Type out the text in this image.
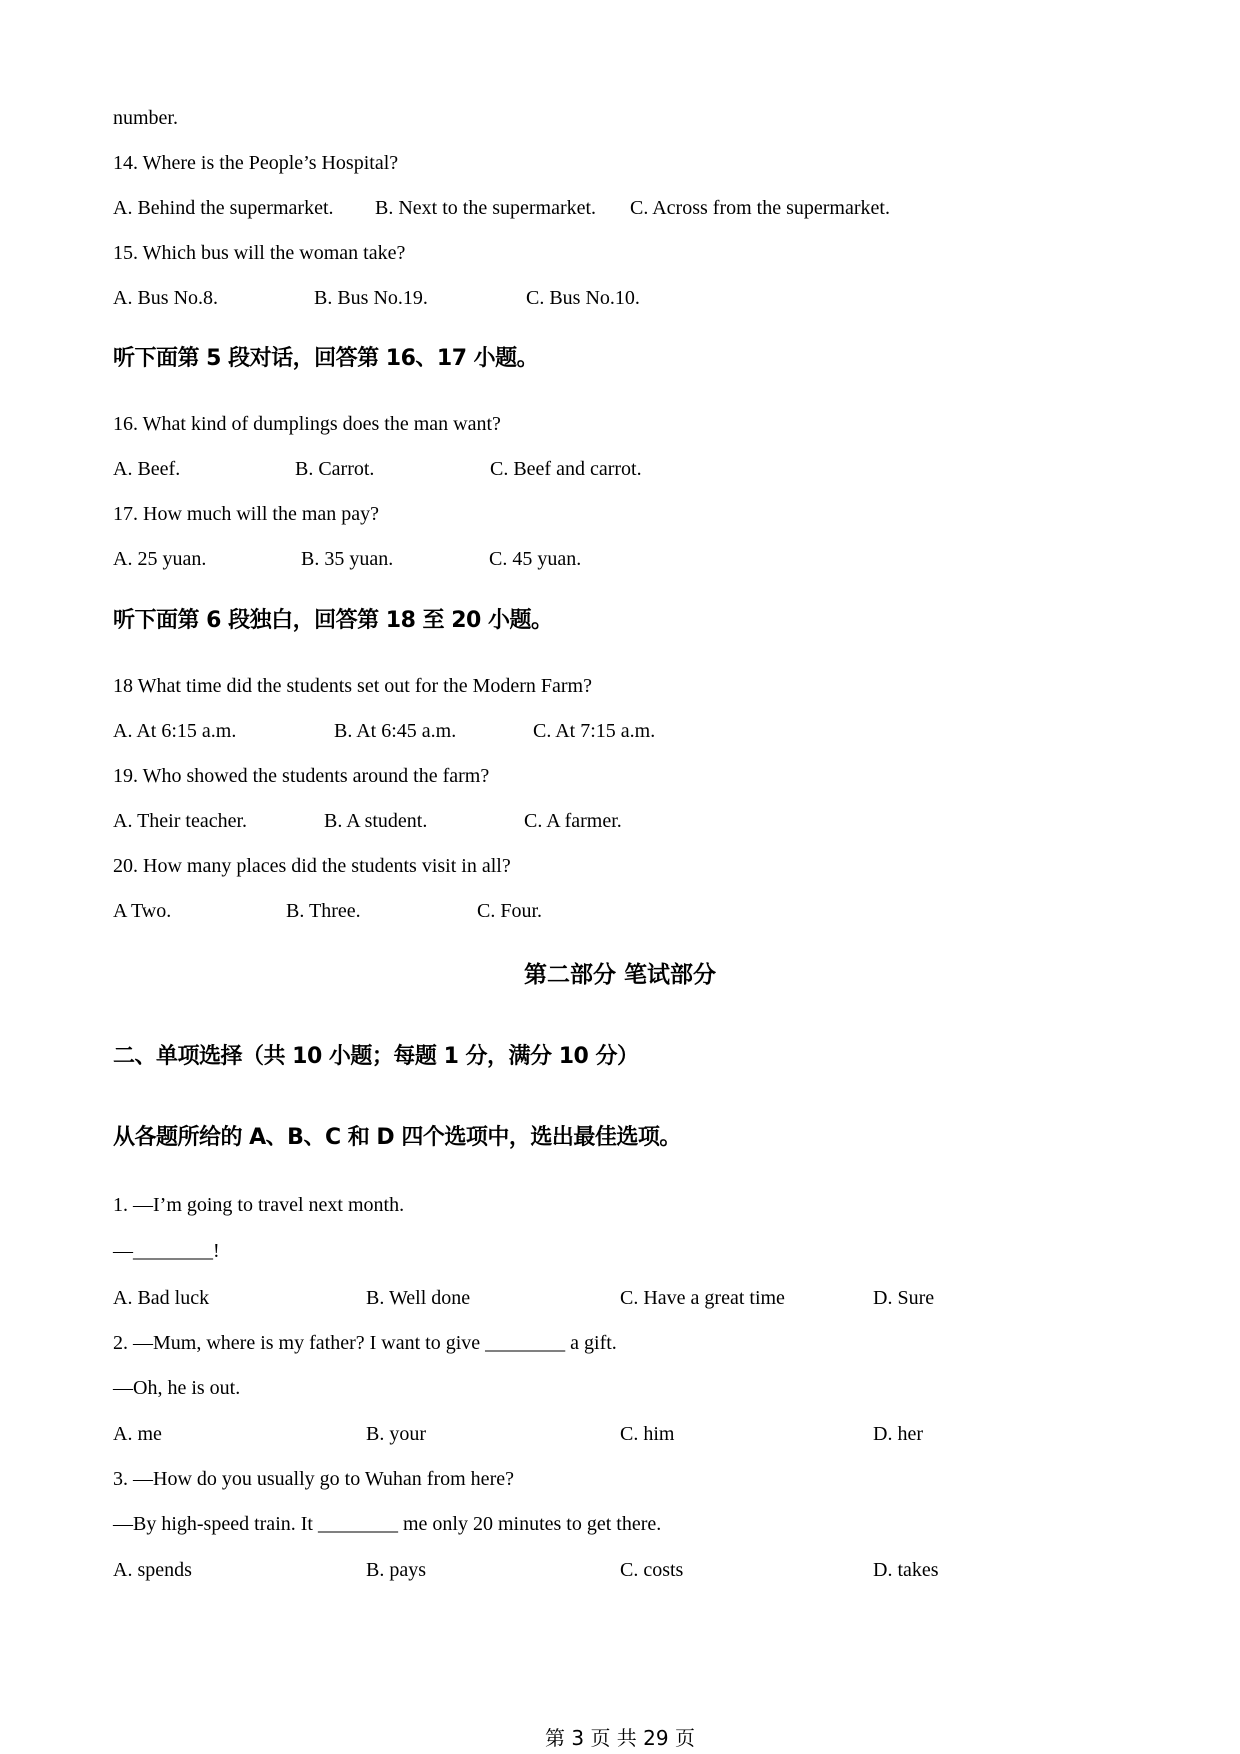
number.
14. Where is the People’s Hospital?
A. Behind the supermarket. B. Next to the supermarket. C. Across from the supermarket.
15. Which bus will the woman take?
A. Bus No.8.	B. Bus No.19.	C. Bus No.10.
听下面第 5 段对话，回答第 16、17 小题。
16. What kind of dumplings does the man want?
A. Beef.	B. Carrot.	C. Beef and carrot.
17. How much will the man pay?
A. 25 yuan.	B. 35 yuan.	C. 45 yuan.
听下面第 6 段独白，回答第 18 至 20 小题。
18 What time did the students set out for the Modern Farm?
A. At 6:15 a.m.	B. At 6:45 a.m.	C. At 7:15 a.m.
19. Who showed the students around the farm?
A. Their teacher.	B. A student.	C. A farmer.
20. How many places did the students visit in all?
A Two.	B. Three.	C. Four.
第二部分 笔试部分
二、单项选择（共 10 小题；每题 1 分，满分 10 分）
从各题所给的 A、B、C 和 D 四个选项中，选出最佳选项。
1. —I’m going to travel next month.
—________!
A. Bad luck	B. Well done	C. Have a great time	D. Sure
2. —Mum, where is my father? I want to give ________ a gift.
—Oh, he is out.
A. me	B. your	C. him	D. her
3. —How do you usually go to Wuhan from here?
—By high-speed train. It ________ me only 20 minutes to get there.
A. spends	B. pays	C. costs	D. takes
第 3 页 共 29 页
